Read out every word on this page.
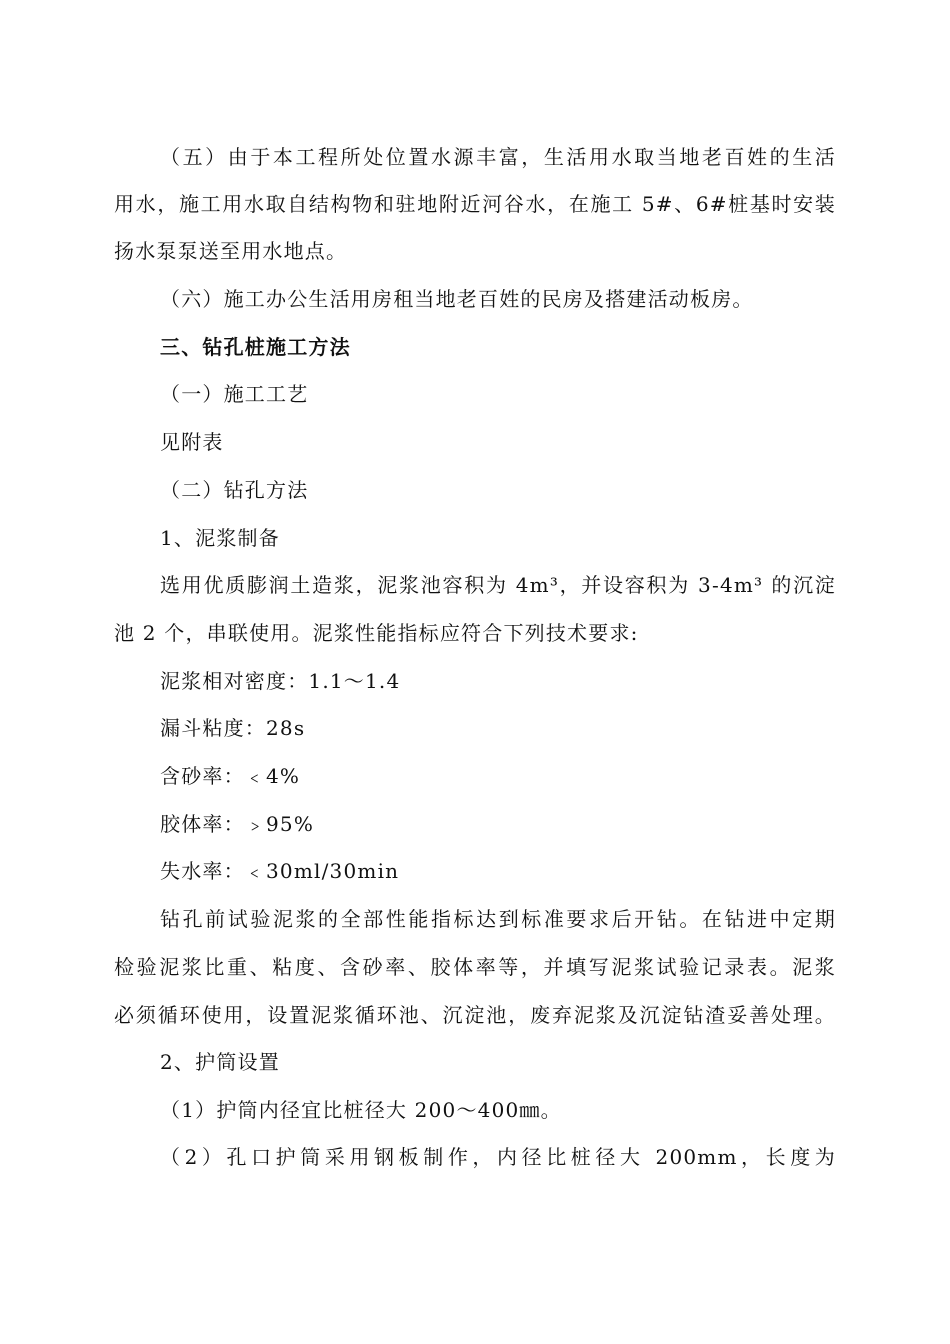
（五）由于本工程所处位置水源丰富，生活用水取当地老百姓的生活
用水，施工用水取自结构物和驻地附近河谷水，在施工 5#、6#桩基时安装
扬水泵泵送至用水地点。
（六）施工办公生活用房租当地老百姓的民房及搭建活动板房。
三、钻孔桩施工方法
（一）施工工艺
见附表
（二）钻孔方法
1、泥浆制备
选用优质膨润土造浆，泥浆池容积为 4m³，并设容积为 3-4m³ 的沉淀
池 2 个，串联使用。泥浆性能指标应符合下列技术要求:
泥浆相对密度：1.1～1.4
漏斗粘度：28s
含砂率：﹤4%
胶体率：﹥95%
失水率：﹤30ml/30min
钻孔前试验泥浆的全部性能指标达到标准要求后开钻。在钻进中定期
检验泥浆比重、粘度、含砂率、胶体率等，并填写泥浆试验记录表。泥浆
必须循环使用，设置泥浆循环池、沉淀池，废弃泥浆及沉淀钻渣妥善处理。
2、护筒设置
（1）护筒内径宜比桩径大 200～400㎜。
（2）孔口护筒采用钢板制作，内径比桩径大 200mm，长度为
